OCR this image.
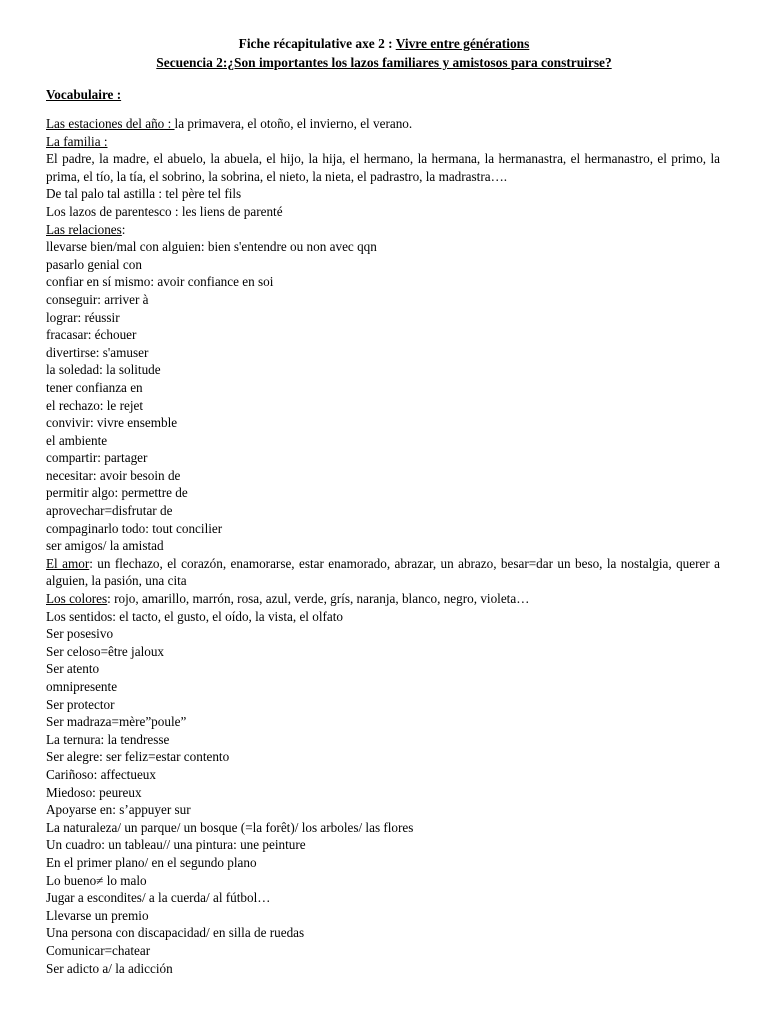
Fiche récapitulative axe 2 : Vivre entre générations
Secuencia 2:¿Son importantes los lazos familiares y amistosos para construirse?
Vocabulaire :
Las estaciones del año : la primavera, el otoño, el invierno, el verano.
La familia :
El padre, la madre, el abuelo, la abuela, el hijo, la hija, el hermano, la hermana, la hermanastra, el hermanastro, el primo, la prima, el tío, la tía, el sobrino, la sobrina, el nieto, la nieta, el padrastro, la madrastra….
De tal palo tal astilla : tel père tel fils
Los lazos de parentesco : les liens de parenté
Las relaciones:
llevarse bien/mal con alguien: bien s'entendre ou non avec qqn
pasarlo genial con
confiar en sí mismo: avoir confiance en soi
conseguir: arriver à
lograr: réussir
fracasar: échouer
divertirse: s'amuser
la soledad: la solitude
tener confianza en
el rechazo: le rejet
convivir: vivre ensemble
el ambiente
compartir: partager
necesitar: avoir besoin de
permitir algo: permettre de
aprovechar=disfrutar de
compaginarlo todo: tout concilier
ser amigos/ la amistad
El amor: un flechazo, el corazón, enamorarse, estar enamorado, abrazar, un abrazo, besar=dar un beso, la nostalgia, querer a alguien, la pasión, una cita
Los colores: rojo, amarillo, marrón, rosa, azul, verde, grís, naranja, blanco, negro, violeta…
Los sentidos: el tacto, el gusto, el oído, la vista, el olfato
Ser posesivo
Ser celoso=être jaloux
Ser atento
omnipresente
Ser protector
Ser madraza=mère”poule”
La ternura: la tendresse
Ser alegre: ser feliz=estar contento
Cariñoso: affectueux
Miedoso: peureux
Apoyarse en: s’appuyer sur
La naturaleza/ un parque/ un bosque (=la forêt)/ los arboles/ las flores
Un cuadro: un tableau// una pintura: une peinture
En el primer plano/ en el segundo plano
Lo bueno≠ lo malo
Jugar a escondites/ a la cuerda/ al fútbol…
Llevarse un premio
Una persona con discapacidad/ en silla de ruedas
Comunicar=chatear
Ser adicto a/ la adicción
